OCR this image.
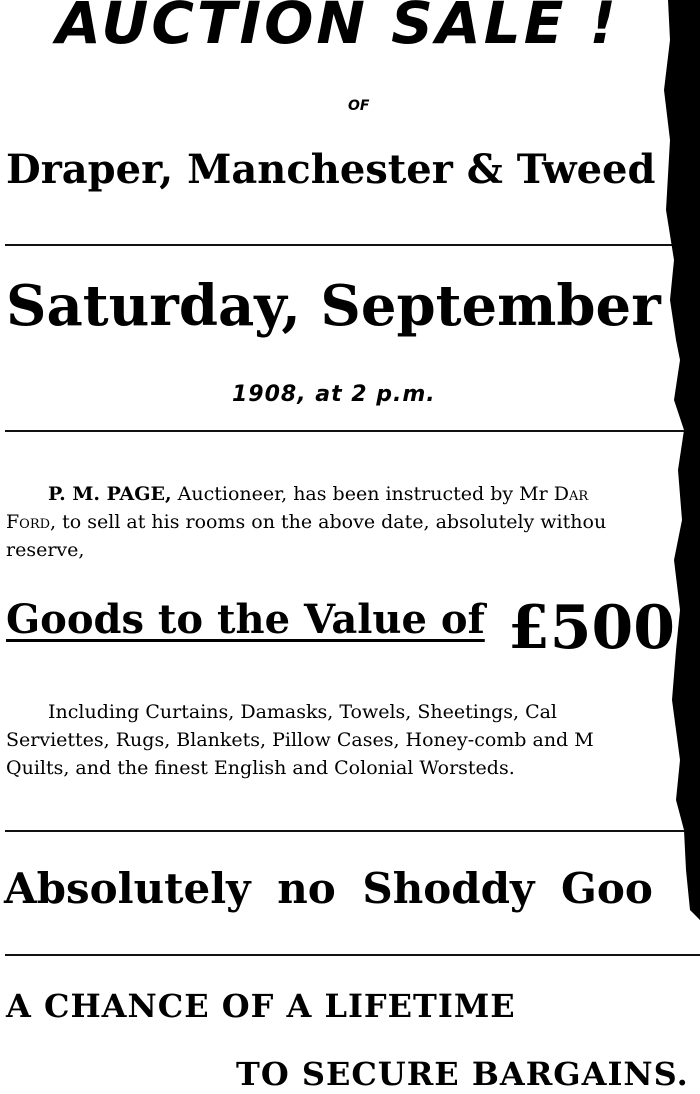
AUCTION SALE !
OF
Draper, Manchester & Tweed
Saturday, September
1908, at 2 p.m.
P. M. PAGE, Auctioneer, has been instructed by Mr Dar
Ford, to sell at his rooms on the above date, absolutely withou
reserve,
Goods to the Value of £500
Including Curtains, Damasks, Towels, Sheetings, Cal
Serviettes, Rugs, Blankets, Pillow Cases, Honey-comb and M
Quilts, and the finest English and Colonial Worsteds.
Absolutely no Shoddy Goo
A CHANCE OF A LIFETIME
TO SECURE BARGAINS.
